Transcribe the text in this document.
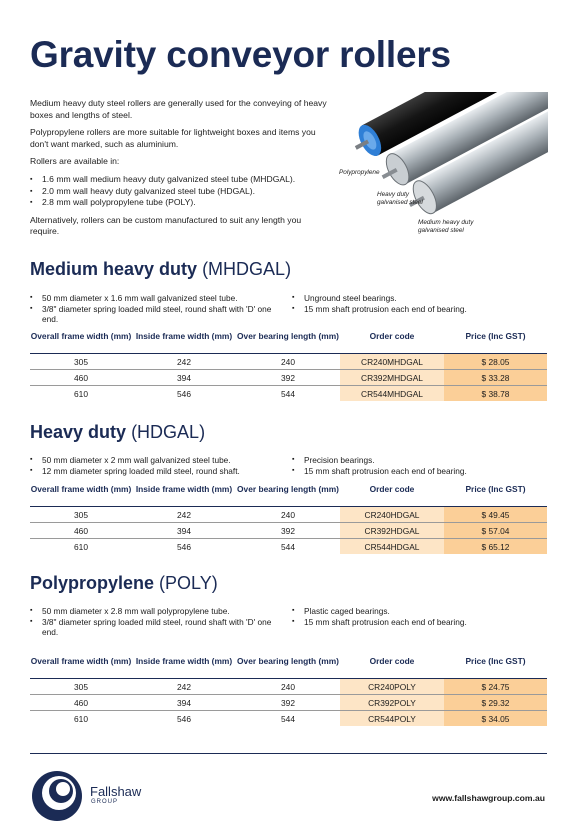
Gravity conveyor rollers

Medium heavy duty steel rollers are generally used for the conveying of heavy boxes and lengths of steel.

Polypropylene rollers are more suitable for lightweight boxes and items you don't want marked, such as aluminium.

Rollers are available in:

▪ 1.6 mm wall medium heavy duty galvanized steel tube (MHDGAL).
▪ 2.0 mm wall heavy duty galvanized steel tube (HDGAL).
▪ 2.8 mm wall polypropylene tube (POLY).

Alternatively, rollers can be custom manufactured to suit any length you require.

Polypropylene
Heavy duty galvanised steel
Medium heavy duty galvanised steel
Medium heavy duty (MHDGAL)
▪ 50 mm diameter x 1.6 mm wall galvanized steel tube.
▪ 3/8" diameter spring loaded mild steel, round shaft with 'D' one end.
▪ Unground steel bearings.
▪ 15 mm shaft protrusion each end of bearing.
Overall frame width (mm)	Inside frame width (mm)	Over bearing length (mm)	Order code	Price (Inc GST)
305	242	240	CR240MHDGAL	$ 28.05
460	394	392	CR392MHDGAL	$ 33.28
610	546	544	CR544MHDGAL	$ 38.78
Heavy duty (HDGAL)
▪ 50 mm diameter x 2 mm wall galvanized steel tube.
▪ 12 mm diameter spring loaded mild steel, round shaft.
▪ Precision bearings.
▪ 15 mm shaft protrusion each end of bearing.
Overall frame width (mm)	Inside frame width (mm)	Over bearing length (mm)	Order code	Price (Inc GST)
305	242	240	CR240HDGAL	$ 49.45
460	394	392	CR392HDGAL	$ 57.04
610	546	544	CR544HDGAL	$ 65.12
Polypropylene (POLY)
▪ 50 mm diameter x 2.8 mm wall polypropylene tube.
▪ 3/8" diameter spring loaded mild steel, round shaft with 'D' one end.
▪ Plastic caged bearings.
▪ 15 mm shaft protrusion each end of bearing.
Overall frame width (mm)	Inside frame width (mm)	Over bearing length (mm)	Order code	Price (Inc GST)
305	242	240	CR240POLY	$ 24.75
460	394	392	CR392POLY	$ 29.32
610	546	544	CR544POLY	$ 34.05
Fallshaw
GROUP	www.fallshawgroup.com.au
